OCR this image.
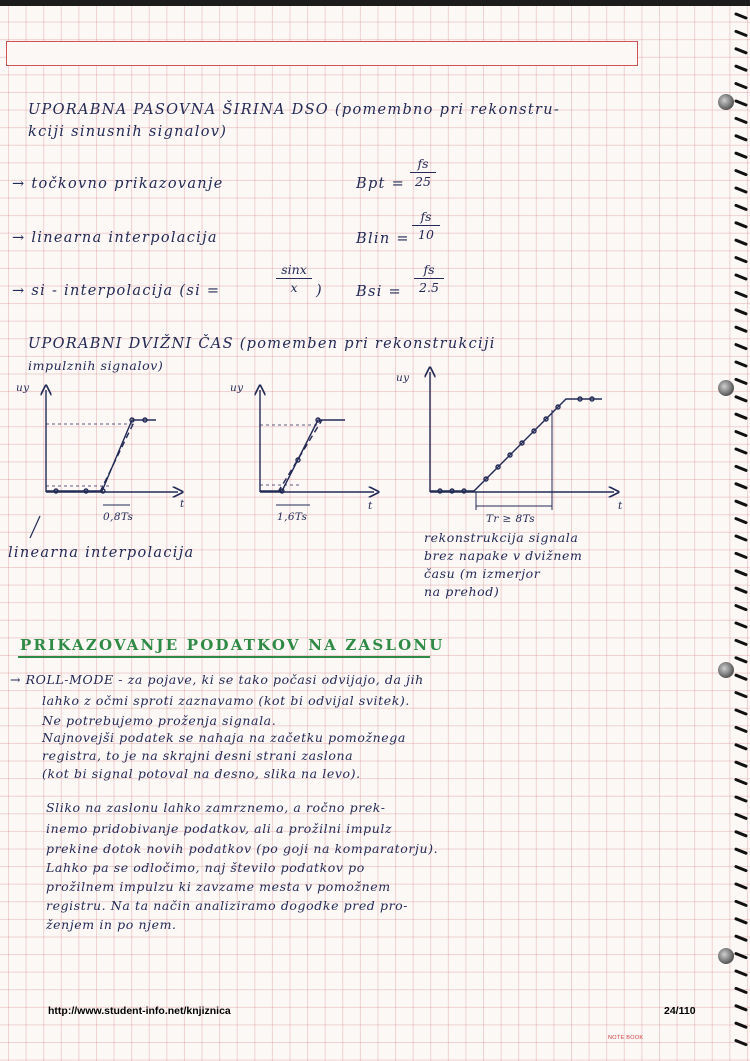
UPORABNA PASOVNA ŠIRINA DSO (pomembno pri rekonstru-
kciji sinusnih signalov)
→ točkovno prikazovanje	Bpt =
fs
25
→ linearna interpolacija	Blin =
fs
10
→ si - interpolacija (si =
sinx
x	) Bsi =
fs
2.5
UPORABNI DVIŽNI ČAS (pomemben pri rekonstrukciji
impulznih signalov)
uy	uy
uy
t	t	t
0,8Ts	1,6Ts	Tr ≥ 8Ts
linearna interpolacija
rekonstrukcija signala
brez napake v dvižnem
času (m izmerjor
na prehod)
PRIKAZOVANJE PODATKOV NA ZASLONU
→ ROLL-MODE - za pojave, ki se tako počasi odvijajo, da jih
lahko z očmi sproti zaznavamo (kot bi odvijal svitek).
Ne potrebujemo proženja signala.
Najnovejši podatek se nahaja na začetku pomožnega
registra, to je na skrajni desni strani zaslona
(kot bi signal potoval na desno, slika na levo).
Sliko na zaslonu lahko zamrznemo, a ročno prek-
inemo pridobivanje podatkov, ali a prožilni impulz
prekine dotok novih podatkov (po goji na komparatorju).
Lahko pa se odločimo, naj število podatkov po
prožilnem impulzu ki zavzame mesta v pomožnem
registru. Na ta način analiziramo dogodke pred pro-
ženjem in po njem.
http://www.student-info.net/knjiznica	24/110
NOTE BOOK
